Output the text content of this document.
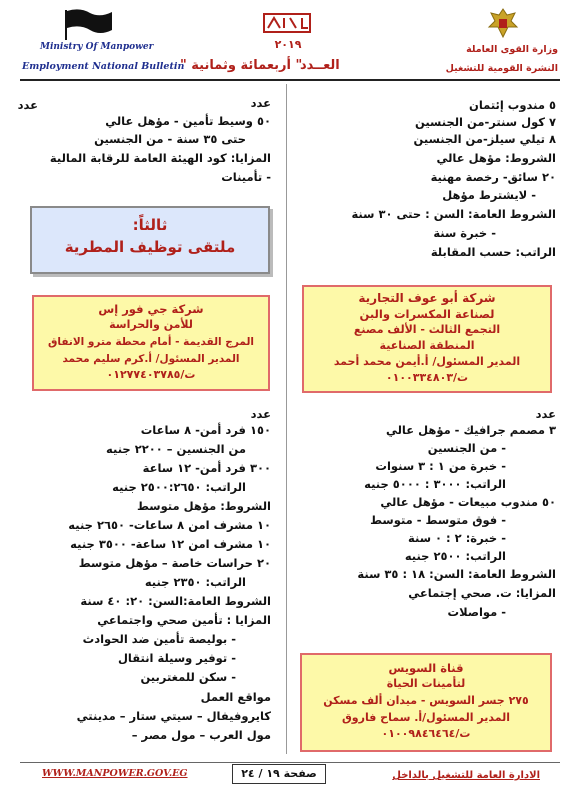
Ministry Of Manpower
Employment National Bulletin
٢٠١٩
العــدد
" أربعمائة وثمانية "
وزارة القوى العاملة
النشرة القومية للتشغيل
عدد	٥ مندوب إئتمان
٧ كول سنتر-من الجنسين
٨ تيلي سيلز-من الجنسين
الشروط: مؤهل عالي
٢٠ سائق- رخصة مهنية
- لايشترط مؤهل
الشروط العامة: السن : حتى ٣٠ سنة
- خبرة سنة
الراتب: حسب المقابلة
شركة أبو عوف التجارية
لصناعة المكسرات والبن
التجمع الثالث - الألف مصنع
المنطقة الصناعية
المدير المسئول/ أ.أيمن محمد أحمد
ت/٠١٠٠٣٣٤٨٠٣
عدد
٣ مصمم جرافيك - مؤهل عالي
- من الجنسين
- خبرة من ١ : ٣ سنوات
الراتب: ٣٠٠٠ : ٥٠٠٠ جنيه
٥٠ مندوب مبيعات - مؤهل عالي
- فوق متوسط - متوسط
- خبرة: ٢ : ٠ سنة
الراتب: ٢٥٠٠ جنيه
الشروط العامة: السن: ١٨ : ٣٥ سنة
المزايا: ت. صحي إجتماعي
- مواصلات
قناة السويس
لتأمينات الحياة
٢٧٥ جسر السويس - ميدان ألف مسكن
المدير المسئول/أ. سماح فاروق
ت/٠١٠٠٩٨٤٦٤٦٤
عدد
٥٠ وسيط تأمين - مؤهل عالي
حتى ٣٥ سنة - من الجنسين
المزايا: كود الهيئة العامة للرقابة المالية
- تأمينات
ثالثاً:
ملتقى توظيف المطرية
شركة جي فور إس
للأمن والحراسة
المرج القديمة - أمام محطة مترو الانفاق
المدير المسئول/ أ.كرم سليم محمد
ت/٠١٢٧٧٤٠٣٧٨٥
عدد
١٥٠ فرد أمن- ٨ ساعات
من الجنسين – ٢٢٠٠ جنيه
٣٠٠ فرد أمن- ١٢ ساعة
الراتب: ٢٥٠٠:٢٦٥٠ جنيه
الشروط: مؤهل متوسط
١٠ مشرف امن ٨ ساعات- ٢٦٥٠ جنيه
١٠ مشرف امن ١٢ ساعة- ٣٥٠٠ جنيه
٢٠ حراسات خاصة – مؤهل متوسط
الراتب: ٢٣٥٠ جنيه
الشروط العامة:السن: ٢٠: ٤٠ سنة
المزايا : تأمين صحي واجتماعي
- بوليصة تأمين ضد الحوادث
- توفير وسيلة انتقال
- سكن للمغتربين
مواقع العمل
كايروفيفال – سيتي ستار – مدينتي
مول العرب – مول مصر –
WWW.MANPOWER.GOV.EG	صفحة ١٩ / ٢٤	الادارة العامة للتشغيل بالداخل
